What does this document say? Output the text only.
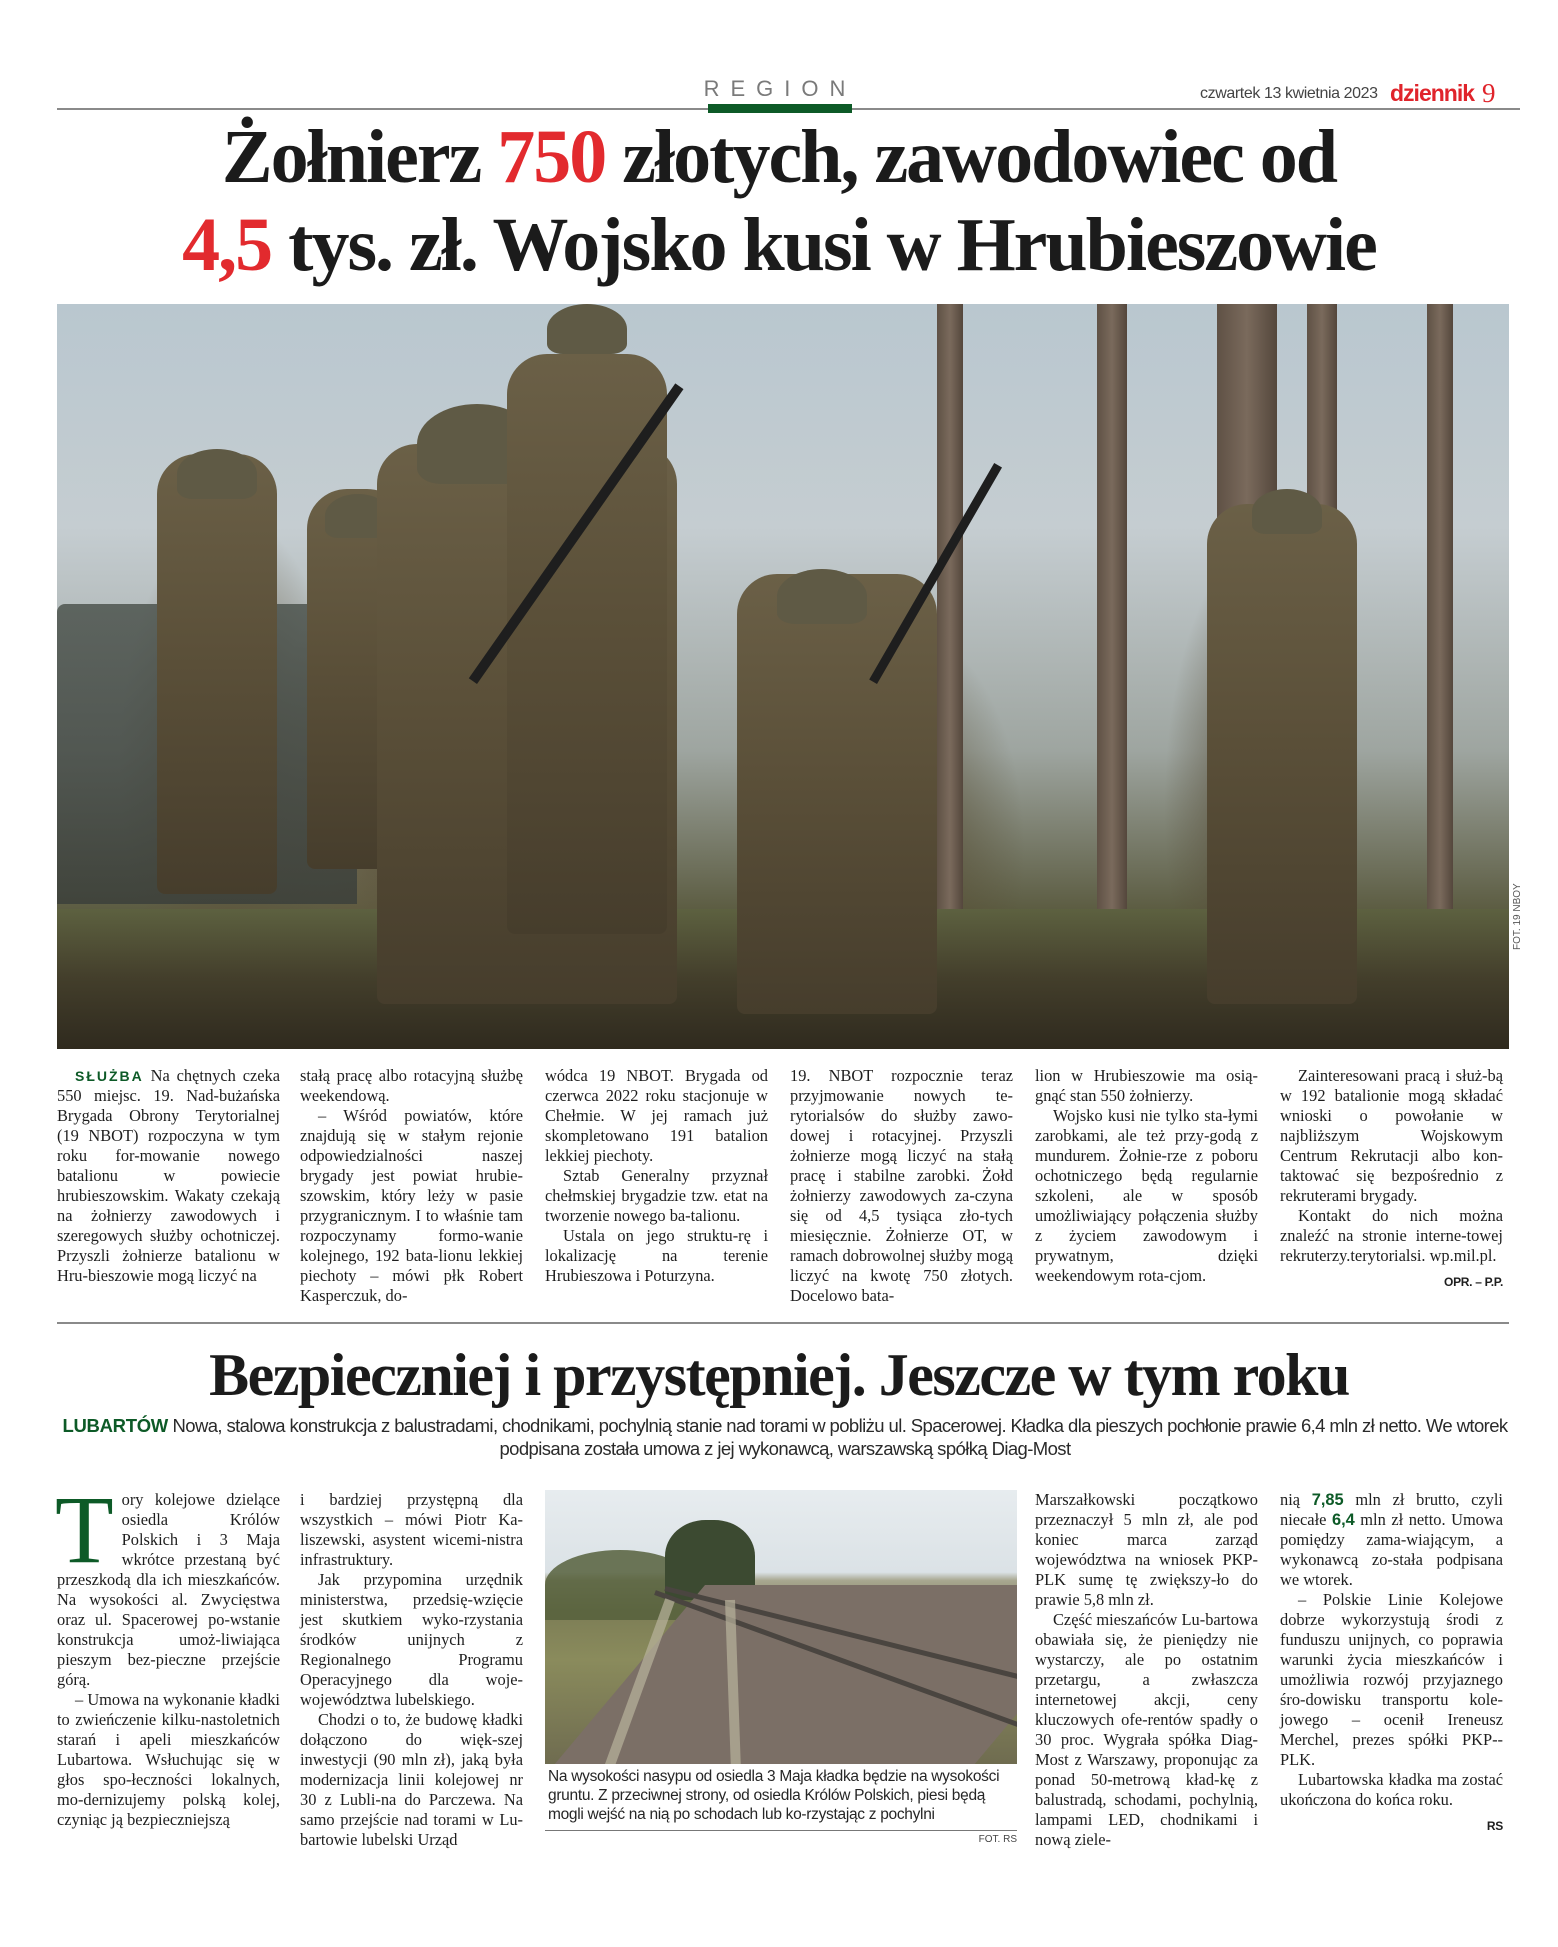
REGION	czwartek 13 kwietnia 2023 dziennik 9
Żołnierz 750 złotych, zawodowiec od
4,5 tys. zł. Wojsko kusi w Hrubieszowie
FOT. 19 NBOY

SŁUŻBA Na chętnych czeka 550 miejsc. 19. Nad-bużańska Brygada Obrony Terytorialnej (19 NBOT) rozpoczyna w tym roku for-mowanie nowego batalionu w powiecie hrubieszowskim. Wakaty czekają na żołnierzy zawodowych i szeregowych służby ochotniczej. Przyszli żołnierze batalionu w Hru-bieszowie mogą liczyć na

stałą pracę albo rotacyjną służbę weekendową.

– Wśród powiatów, które znajdują się w stałym rejonie odpowiedzialności naszej brygady jest powiat hrubie-szowskim, który leży w pasie przygranicznym. I to właśnie tam rozpoczynamy formo-wanie kolejnego, 192 bata-lionu lekkiej piechoty – mówi płk Robert Kasperczuk, do-

wódca 19 NBOT. Brygada od czerwca 2022 roku stacjonuje w Chełmie. W jej ramach już skompletowano 191 batalion lekkiej piechoty.

Sztab Generalny przyznał chełmskiej brygadzie tzw. etat na tworzenie nowego ba-talionu.

Ustala on jego struktu-rę i lokalizację na terenie Hrubieszowa i Poturzyna.

19. NBOT rozpocznie teraz przyjmowanie nowych te-rytorialsów do służby zawo-dowej i rotacyjnej. Przyszli żołnierze mogą liczyć na stałą pracę i stabilne zarobki. Żołd żołnierzy zawodowych za-czyna się od 4,5 tysiąca zło-tych miesięcznie. Żołnierze OT, w ramach dobrowolnej służby mogą liczyć na kwotę 750 złotych. Docelowo bata-

lion w Hrubieszowie ma osią-gnąć stan 550 żołnierzy.

Wojsko kusi nie tylko sta-łymi zarobkami, ale też przy-godą z mundurem. Żołnie-rze z poboru ochotniczego będą regularnie szkoleni, ale w sposób umożliwiający połączenia służby z życiem zawodowym i prywatnym, dzięki weekendowym rota-cjom.

Zainteresowani pracą i służ-bą w 192 batalionie mogą składać wnioski o powołanie w najbliższym Wojskowym Centrum Rekrutacji albo kon-taktować się bezpośrednio z rekruterami brygady.

Kontakt do nich można znaleźć na stronie interne-towej rekruterzy.terytorialsi. wp.mil.pl.

OPR. – P.P.
Bezpieczniej i przystępniej. Jeszcze w tym roku
LUBARTÓW Nowa, stalowa konstrukcja z balustradami, chodnikami, pochylnią stanie nad torami w pobliżu ul. Spacerowej. Kładka dla pieszych pochłonie prawie 6,4 mln zł netto. We wtorek podpisana została umowa z jej wykonawcą, warszawską spółką Diag-Most

Tory kolejowe dzielące osiedla Królów Polskich i 3 Maja wkrótce przestaną być przeszkodą dla ich mieszkańców. Na wysokości al. Zwycięstwa oraz ul. Spacerowej po-wstanie konstrukcja umoż-liwiająca pieszym bez-pieczne przejście górą.

– Umowa na wykonanie kładki to zwieńczenie kilku-nastoletnich starań i apeli mieszkańców Lubartowa. Wsłuchując się w głos spo-łeczności lokalnych, mo-dernizujemy polską kolej, czyniąc ją bezpieczniejszą

i bardziej przystępną dla wszystkich – mówi Piotr Ka-liszewski, asystent wicemi-nistra infrastruktury.

Jak przypomina urzędnik ministerstwa, przedsię-wzięcie jest skutkiem wyko-rzystania środków unijnych z Regionalnego Programu Operacyjnego dla woje-województwa lubelskiego.

Chodzi o to, że budowę kładki dołączono do więk-szej inwestycji (90 mln zł), jaką była modernizacja linii kolejowej nr 30 z Lubli-na do Parczewa. Na samo przejście nad torami w Lu-bartowie lubelski Urząd

Marszałkowski początkowo przeznaczył 5 mln zł, ale pod koniec marca zarząd województwa na wniosek PKP-PLK sumę tę zwiększy-ło do prawie 5,8 mln zł.

Część mieszańców Lu-bartowa obawiała się, że pieniędzy nie wystarczy, ale po ostatnim przetargu, a zwłaszcza internetowej akcji, ceny kluczowych ofe-rentów spadły o 30 proc. Wygrała spółka Diag-Most z Warszawy, proponując za ponad 50-metrową kład-kę z balustradą, schodami, pochylnią, lampami LED, chodnikami i nową ziele-

nią 7,85 mln zł brutto, czyli niecałe 6,4 mln zł netto. Umowa pomiędzy zama-wiającym, a wykonawcą zo-stała podpisana we wtorek.

– Polskie Linie Kolejowe dobrze wykorzystują środi z funduszu unijnych, co poprawia warunki życia mieszkańców i umożliwia rozwój przyjaznego śro-dowisku transportu kole-jowego – ocenił Ireneusz Merchel, prezes spółki PKP--PLK.

Lubartowska kładka ma zostać ukończona do końca roku.

RS
Na wysokości nasypu od osiedla 3 Maja kładka będzie na wysokości gruntu. Z przeciwnej strony, od osiedla Królów Polskich, piesi będą mogli wejść na nią po schodach lub ko-rzystając z pochylni
FOT. RS
